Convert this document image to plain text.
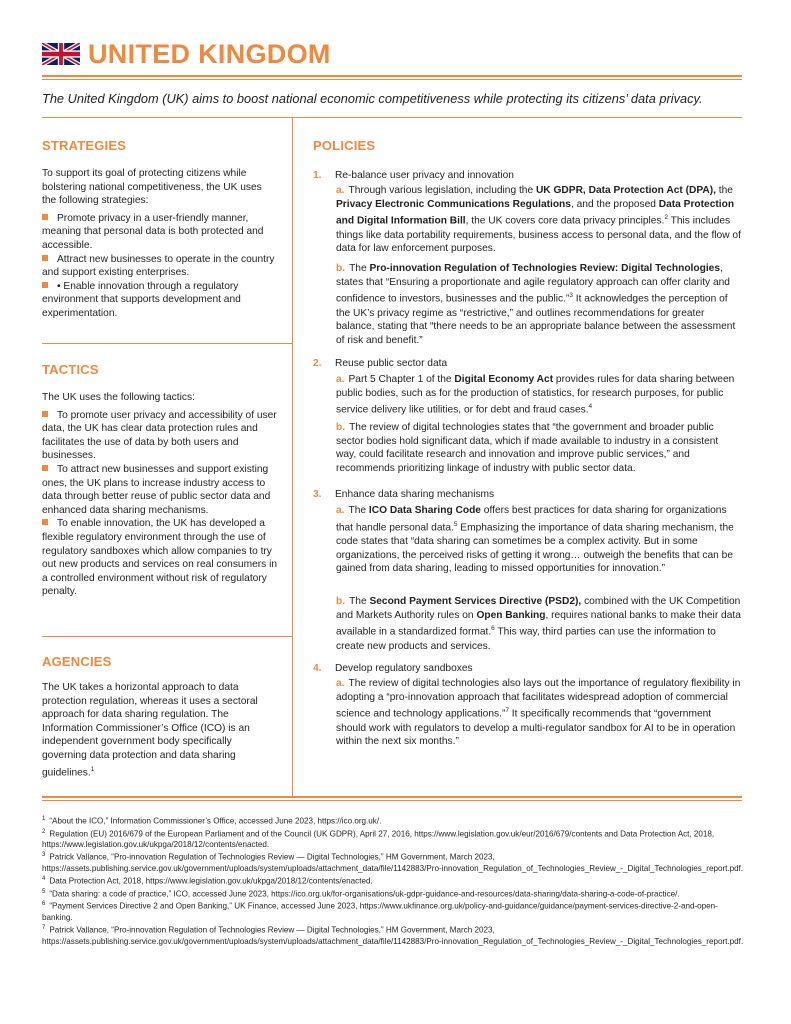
UNITED KINGDOM
The United Kingdom (UK) aims to boost national economic competitiveness while protecting its citizens’ data privacy.
STRATEGIES
To support its goal of protecting citizens while bolstering national competitiveness, the UK uses the following strategies:
Promote privacy in a user-friendly manner, meaning that personal data is both protected and accessible.
Attract new businesses to operate in the country and support existing enterprises.
• Enable innovation through a regulatory environment that supports development and experimentation.
TACTICS
The UK uses the following tactics:
To promote user privacy and accessibility of user data, the UK has clear data protection rules and facilitates the use of data by both users and businesses.
To attract new businesses and support existing ones, the UK plans to increase industry access to data through better reuse of public sector data and enhanced data sharing mechanisms.
To enable innovation, the UK has developed a flexible regulatory environment through the use of regulatory sandboxes which allow companies to try out new products and services on real consumers in a controlled environment without risk of regulatory penalty.
AGENCIES
The UK takes a horizontal approach to data protection regulation, whereas it uses a sectoral approach for data sharing regulation. The Information Commissioner’s Office (ICO) is an independent government body specifically governing data protection and data sharing guidelines.$^1$
POLICIES
1. Re-balance user privacy and innovation
a. Through various legislation, including the UK GDPR, Data Protection Act (DPA), the Privacy Electronic Communications Regulations, and the proposed Data Protection and Digital Information Bill, the UK covers core data privacy principles.$^2$ This includes things like data portability requirements, business access to personal data, and the flow of data for law enforcement purposes.
b. The Pro-innovation Regulation of Technologies Review: Digital Technologies, states that “Ensuring a proportionate and agile regulatory approach can offer clarity and confidence to investors, businesses and the public.”$^3$ It acknowledges the perception of the UK’s privacy regime as “restrictive,” and outlines recommendations for greater balance, stating that “there needs to be an appropriate balance between the assessment of risk and benefit.”
2. Reuse public sector data
a. Part 5 Chapter 1 of the Digital Economy Act provides rules for data sharing between public bodies, such as for the production of statistics, for research purposes, for public service delivery like utilities, or for debt and fraud cases.$^4$
b. The review of digital technologies states that “the government and broader public sector bodies hold significant data, which if made available to industry in a consistent way, could facilitate research and innovation and improve public services,” and recommends prioritizing linkage of industry with public sector data.
3. Enhance data sharing mechanisms
a. The ICO Data Sharing Code offers best practices for data sharing for organizations that handle personal data.$^5$ Emphasizing the importance of data sharing mechanism, the code states that “data sharing can sometimes be a complex activity. But in some organizations, the perceived risks of getting it wrong… outweigh the benefits that can be gained from data sharing, leading to missed opportunities for innovation.”
b. The Second Payment Services Directive (PSD2), combined with the UK Competition and Markets Authority rules on Open Banking, requires national banks to make their data available in a standardized format.$^6$ This way, third parties can use the information to create new products and services.
4. Develop regulatory sandboxes
a. The review of digital technologies also lays out the importance of regulatory flexibility in adopting a “pro-innovation approach that facilitates widespread adoption of commercial science and technology applications.”$^7$ It specifically recommends that “government should work with regulators to develop a multi-regulator sandbox for AI to be in operation within the next six months.”

$^1$ “About the ICO,” Information Commissioner’s Office, accessed June 2023, https://ico.org.uk/.

$^2$ Regulation (EU) 2016/679 of the European Parliament and of the Council (UK GDPR), April 27, 2016, https://www.legislation.gov.uk/eur/2016/679/contents and Data Protection Act, 2018, https://www.legislation.gov.uk/ukpga/2018/12/contents/enacted.

$^3$ Patrick Vallance, “Pro-innovation Regulation of Technologies Review — Digital Technologies,” HM Government, March 2023, https://assets.publishing.service.gov.uk/government/uploads/system/uploads/attachment_data/file/1142883/Pro-innovation_Regulation_of_Technologies_Review_-_Digital_Technologies_report.pdf.

$^4$ Data Protection Act, 2018, https://www.legislation.gov.uk/ukpga/2018/12/contents/enacted.

$^5$ “Data sharing: a code of practice,” ICO, accessed June 2023, https://ico.org.uk/for-organisations/uk-gdpr-guidance-and-resources/data-sharing/data-sharing-a-code-of-practice/.

$^6$ “Payment Services Directive 2 and Open Banking,” UK Finance, accessed June 2023, https://www.ukfinance.org.uk/policy-and-guidance/guidance/payment-services-directive-2-and-open-banking.

$^7$ Patrick Vallance, “Pro-innovation Regulation of Technologies Review — Digital Technologies,” HM Government, March 2023, https://assets.publishing.service.gov.uk/government/uploads/system/uploads/attachment_data/file/1142883/Pro-innovation_Regulation_of_Technologies_Review_-_Digital_Technologies_report.pdf.
